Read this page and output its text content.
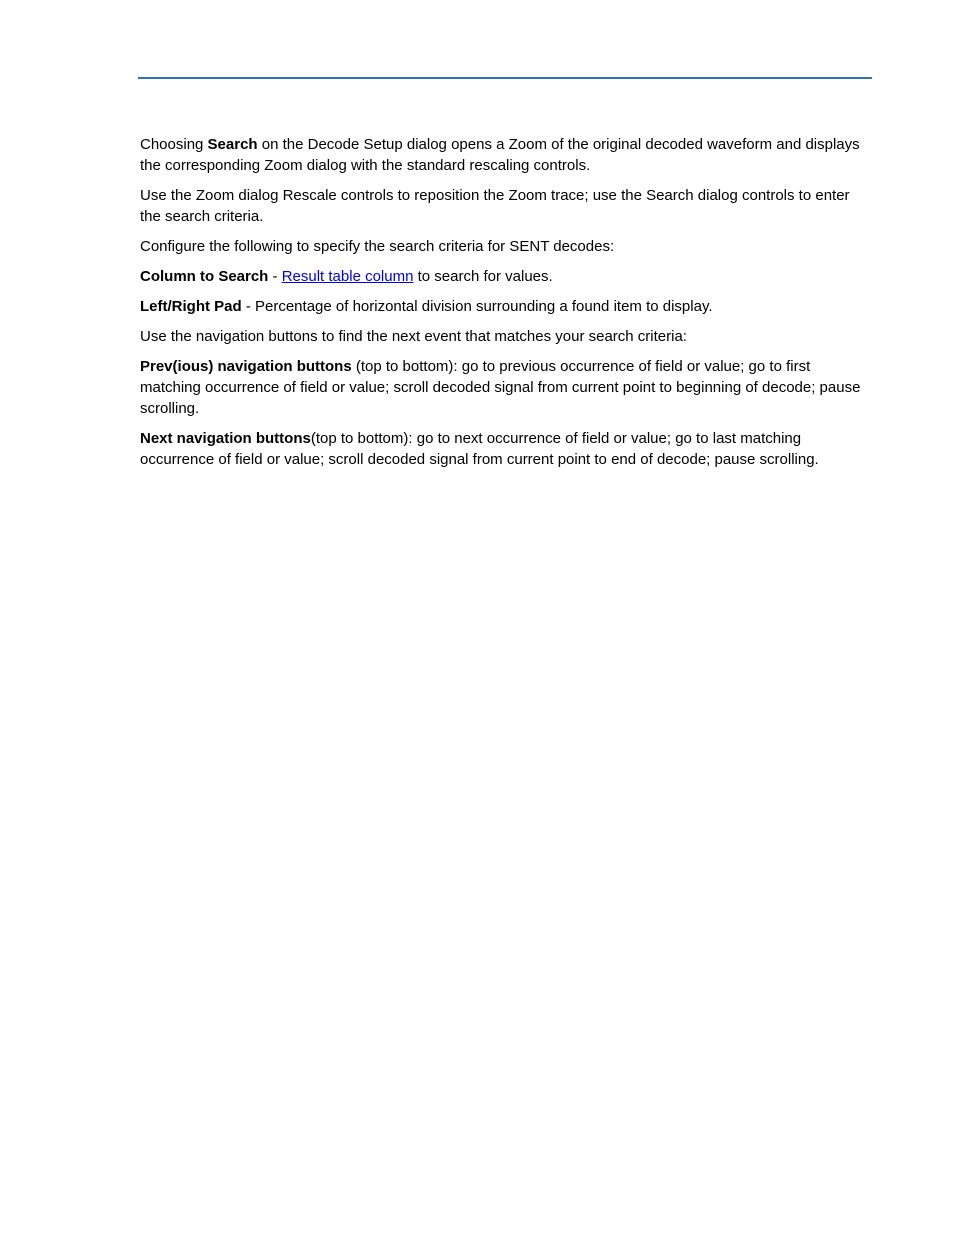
Choosing Search on the Decode Setup dialog opens a Zoom of the original decoded waveform and displays the corresponding Zoom dialog with the standard rescaling controls.

Use the Zoom dialog Rescale controls to reposition the Zoom trace; use the Search dialog controls to enter the search criteria.

Configure the following to specify the search criteria for SENT decodes:

Column to Search - Result table column to search for values.

Left/Right Pad - Percentage of horizontal division surrounding a found item to display.

Use the navigation buttons to find the next event that matches your search criteria:

Prev(ious) navigation buttons (top to bottom): go to previous occurrence of field or value; go to first matching occurrence of field or value; scroll decoded signal from current point to beginning of decode; pause scrolling.

Next navigation buttons(top to bottom): go to next occurrence of field or value; go to last matching occurrence of field or value; scroll decoded signal from current point to end of decode; pause scrolling.
